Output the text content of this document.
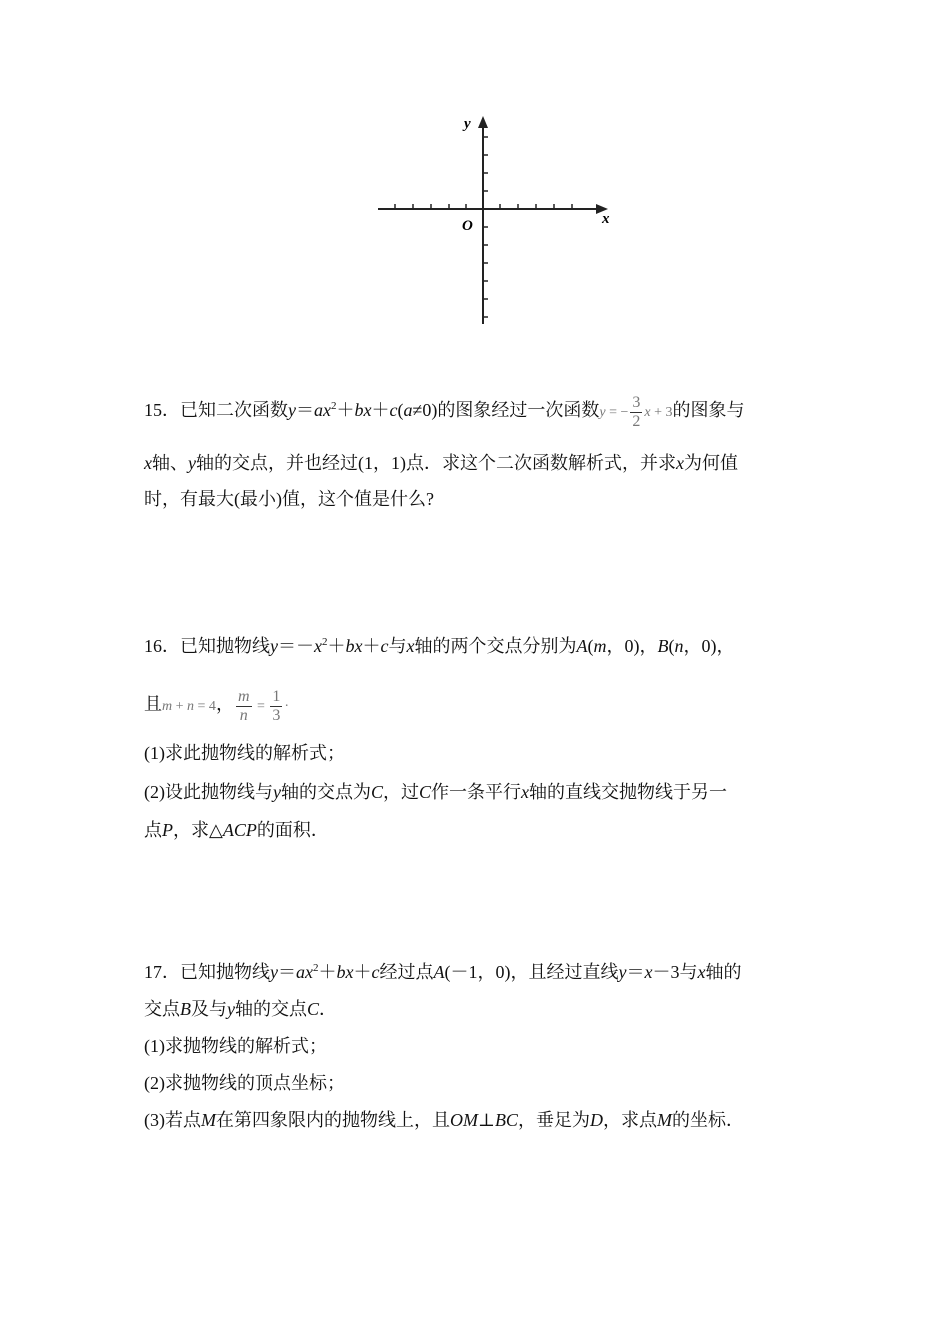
y
x
O
15．已知二次函数$y=ax^2+bx+c(a\ne 0)$的图象经过一次函数y = − $\frac{3}{2}$ x + 3的图象与
x轴、y轴的交点，并也经过(1，1)点．求这个二次函数解析式，并求x为何值
时，有最大(最小)值，这个值是什么?
16．已知抛物线$y=-x^2+bx+c$与x轴的两个交点分别为A(m，0)，B(n，0)，
且m + n = 4， $\frac{m}{n} = \frac{1}{3}$ ·
(1)求此抛物线的解析式；
(2)设此抛物线与y轴的交点为C，过C作一条平行x轴的直线交抛物线于另一
点P，求△ACP的面积．
17．已知抛物线$y=ax^2+bx+c$经过点A(－1，0)，且经过直线y＝x－3与x轴的
交点B及与y轴的交点C．
(1)求抛物线的解析式；
(2)求抛物线的顶点坐标；
(3)若点M在第四象限内的抛物线上，且OM⊥BC，垂足为D，求点M的坐标．
